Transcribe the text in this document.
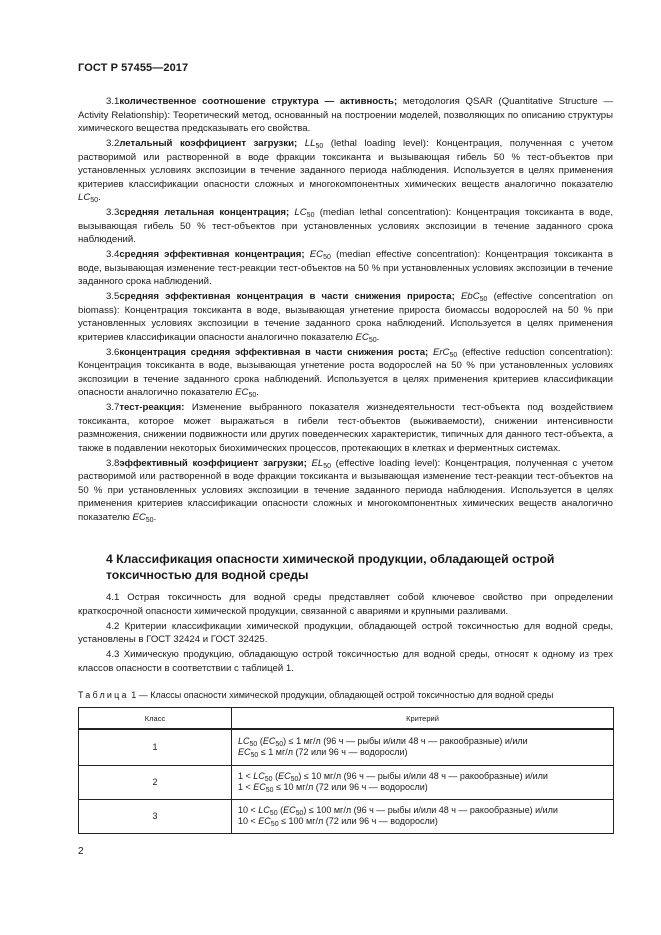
ГОСТ Р 57455—2017

3.1количественное соотношение структура — активность; методология QSAR (Quantitative Structure — Activity Relationship): Теоретический метод, основанный на построении моделей, позволяющих по описанию структуры химического вещества предсказывать его свойства.

3.2летальный коэффициент загрузки; $LL_{50}$ (lethal loading level): Концентрация, полученная с учетом растворимой или растворенной в воде фракции токсиканта и вызывающая гибель 50 % тест-объектов при установленных условиях экспозиции в течение заданного периода наблюдения. Используется в целях применения критериев классификации опасности сложных и многокомпонентных химических веществ аналогично показателю $LC_{50}$.

3.3средняя летальная концентрация; $LC_{50}$ (median lethal concentration): Концентрация токсиканта в воде, вызывающая гибель 50 % тест-объектов при установленных условиях экспозиции в течение заданного срока наблюдений.

3.4средняя эффективная концентрация; $EC_{50}$ (median effective concentration): Концентрация токсиканта в воде, вызывающая изменение тест-реакции тест-объектов на 50 % при установленных условиях экспозиции в течение заданного срока наблюдений.

3.5средняя эффективная концентрация в части снижения прироста; EbC$_{50}$ (effective concentration on biomass): Концентрация токсиканта в воде, вызывающая угнетение прироста биомассы водорослей на 50 % при установленных условиях экспозиции в течение заданного срока наблюдений. Используется в целях применения критериев классификации опасности аналогично показателю $EC_{50}$.

3.6концентрация средняя эффективная в части снижения роста; ErC$_{50}$ (effective reduction concentration): Концентрация токсиканта в воде, вызывающая угнетение роста водорослей на 50 % при установленных условиях экспозиции в течение заданного срока наблюдений. Используется в целях применения критериев классификации опасности аналогично показателю $EC_{50}$.

3.7тест-реакция: Изменение выбранного показателя жизнедеятельности тест-объекта под воздействием токсиканта, которое может выражаться в гибели тест-объектов (выживаемости), снижении интенсивности размножения, снижении подвижности или других поведенческих характеристик, типичных для данного тест-объекта, а также в подавлении некоторых биохимических процессов, протекающих в клетках и ферментных системах.

3.8эффективный коэффициент загрузки; $EL_{50}$ (effective loading level): Концентрация, полученная с учетом растворимой или растворенной в воде фракции токсиканта и вызывающая изменение тест-реакции тест-объектов на 50 % при установленных условиях экспозиции в течение заданного периода наблюдения. Используется в целях применения критериев классификации опасности сложных и многокомпонентных химических веществ аналогично показателю $EC_{50}$.

4 Классификация опасности химической продукции, обладающей острой токсичностью для водной среды

4.1 Острая токсичность для водной среды представляет собой ключевое свойство при определении краткосрочной опасности химической продукции, связанной с авариями и крупными разливами.

4.2 Критерии классификации химической продукции, обладающей острой токсичностью для водной среды, установлены в ГОСТ 32424 и ГОСТ 32425.

4.3 Химическую продукцию, обладающую острой токсичностью для водной среды, относят к одному из трех классов опасности в соответствии с таблицей 1.

Таблица 1 — Классы опасности химической продукции, обладающей острой токсичностью для водной среды
Класс	Критерий
1	$LC_{50}$ $(EC_{50}) \le 1$ мг/л (96 ч — рыбы и/или 48 ч — ракообразные) и/или
$EC_{50} \le 1$ мг/л (72 или 96 ч — водоросли)

2	$1 < LC_{50}$ $(EC_{50}) \le 10$ мг/л (96 ч — рыбы и/или 48 ч — ракообразные) и/или
$1 < EC_{50} \le 10$ мг/л (72 или 96 ч — водоросли)

3	$10 < LC_{50}$ $(EC_{50}) \le 100$ мг/л (96 ч — рыбы и/или 48 ч — ракообразные) и/или
$10 < EC_{50} \le 100$ мг/л (72 или 96 ч — водоросли)
2
